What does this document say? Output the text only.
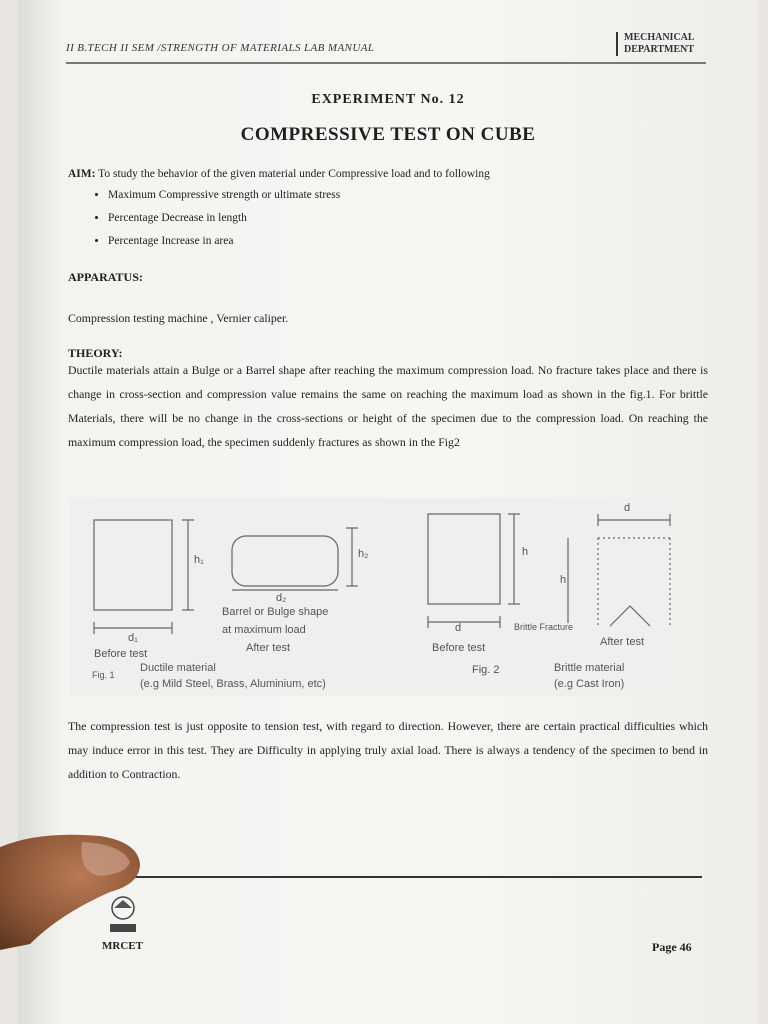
II B.TECH II SEM /STRENGTH OF MATERIALS LAB MANUAL
MECHANICAL
DEPARTMENT
EXPERIMENT No. 12
COMPRESSIVE TEST ON CUBE
AIM: To study the behavior of the given material under Compressive load and to following
• Maximum Compressive strength or ultimate stress
• Percentage Decrease in length
• Percentage Increase in area
APPARATUS:
Compression testing machine , Vernier caliper.
THEORY:
Ductile materials attain a Bulge or a Barrel shape after reaching the maximum compression load. No fracture takes place and there is change in cross-section and compression value remains the same on reaching the maximum load as shown in the fig.1. For brittle Materials, there will be no change in the cross-sections or height of the specimen due to the compression load. On reaching the maximum compression load, the specimen suddenly fractures as shown in the Fig2
h₁	h₂
d₁
d₂
Barrel or Bulge shape
at maximum load
Before test	After test
Fig. 1
Ductile material
(e.g Mild Steel, Brass, Aluminium, etc)
h
d
d
h
Brittle Fracture
Before test	After test
Fig. 2	Brittle material
(e.g Cast Iron)
The compression test is just opposite to tension test, with regard to direction. However, there are certain practical difficulties which may induce error in this test. They are Difficulty in applying truly axial load. There is always a tendency of the specimen to bend in addition to Contraction.
MRCET	Page 46
